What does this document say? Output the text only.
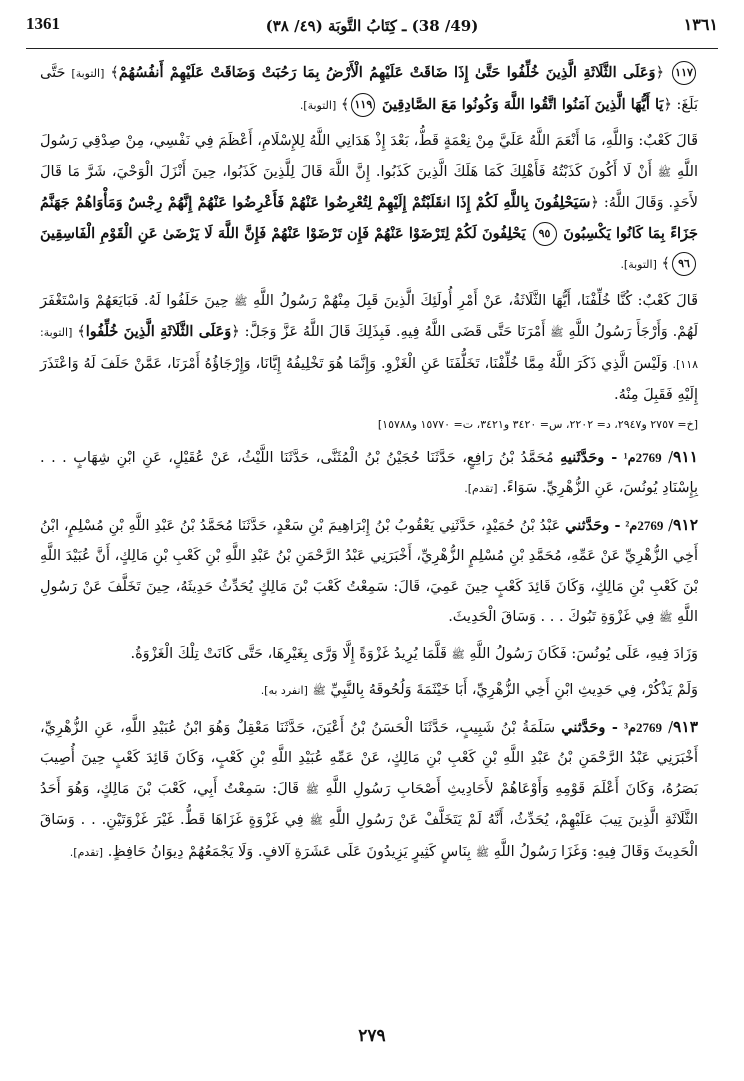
1361	(49/ 38) ـ كِتَابُ التَّوبَة (٤٩/ ٣٨)	١٣٦١

١١٧ ﴿وَعَلَى الثَّلَاثَةِ الَّذِينَ خُلِّفُوا حَتَّىٰ إِذَا ضَاقَتْ عَلَيْهِمُ الْأَرْضُ بِمَا رَحُبَتْ وَضَاقَتْ عَلَيْهِمْ أَنفُسُهُمْ﴾ [التوبة] حَتَّى بَلَغَ: ﴿يَا أَيُّهَا الَّذِينَ آمَنُوا اتَّقُوا اللَّهَ وَكُونُوا مَعَ الصَّادِقِينَ ١١٩﴾ [التوبة].

قَالَ كَعْبٌ: وَاللَّهِ، مَا أَنْعَمَ اللَّهُ عَلَيَّ مِنْ نِعْمَةٍ قَطُّ، بَعْدَ إِذْ هَدَانِي اللَّهُ لِلإِسْلَامِ، أَعْظَمَ فِي نَفْسِي، مِنْ صِدْقِي رَسُولَ اللَّهِ ﷺ أَنْ لَا أَكُونَ كَذَبْتُهُ فَأَهْلِكَ كَمَا هَلَكَ الَّذِينَ كَذَبُوا. إِنَّ اللَّهَ قَالَ لِلَّذِينَ كَذَبُوا، حِينَ أَنْزَلَ الْوَحْيَ، شَرَّ مَا قَالَ لأَحَدٍ. وَقَالَ اللَّهُ: ﴿سَيَحْلِفُونَ بِاللَّهِ لَكُمْ إِذَا انقَلَبْتُمْ إِلَيْهِمْ لِتُعْرِضُوا عَنْهُمْ فَأَعْرِضُوا عَنْهُمْ إِنَّهُمْ رِجْسٌ وَمَأْوَاهُمْ جَهَنَّمُ جَزَاءً بِمَا كَانُوا يَكْسِبُونَ ٩٥ يَحْلِفُونَ لَكُمْ لِتَرْضَوْا عَنْهُمْ فَإِن تَرْضَوْا عَنْهُمْ فَإِنَّ اللَّهَ لَا يَرْضَىٰ عَنِ الْقَوْمِ الْفَاسِقِينَ ٩٦﴾ [التوبة].

قَالَ كَعْبٌ: كُنَّا خُلِّفْنَا، أَيُّهَا الثَّلَاثَةُ، عَنْ أَمْرِ أُولَئِكَ الَّذِينَ قَبِلَ مِنْهُمْ رَسُولُ اللَّهِ ﷺ حِينَ حَلَفُوا لَهُ. فَبَايَعَهُمْ وَاسْتَغْفَرَ لَهُمْ. وَأَرْجَأَ رَسُولُ اللَّهِ ﷺ أَمْرَنَا حَتَّى قَضَى اللَّهُ فِيهِ. فَبِذَلِكَ قَالَ اللَّهُ عَزَّ وَجَلَّ: ﴿وَعَلَى الثَّلَاثَةِ الَّذِينَ خُلِّفُوا﴾ [التوبة: ١١٨]. وَلَيْسَ الَّذِي ذَكَرَ اللَّهُ مِمَّا خُلِّفْنَا، تَخَلُّفَنَا عَنِ الْغَزْوِ. وَإِنَّمَا هُوَ تَخْلِيفُهُ إِيَّانَا، وَإِرْجَاؤُهُ أَمْرَنَا، عَمَّنْ حَلَفَ لَهُ وَاعْتَذَرَ إِلَيْهِ فَقَبِلَ مِنْهُ.

[خ= ٢٧٥٧ و٢٩٤٧، د= ٢٢٠٢، س= ٣٤٢٠ و٣٤٢١، ت= ١٥٧٧٠ و١٥٧٨٨]

٩١١/ 2769م¹ - وحَدَّثَنيهِ مُحَمَّدُ بْنُ رَافِعٍ، حَدَّثَنَا حُجَيْنُ بْنُ الْمُثَنَّى، حَدَّثَنَا اللَّيْثُ، عَنْ عُقَيْلٍ، عَنِ ابْنِ شِهَابٍ . . . بِإِسْنَادِ يُونُسَ، عَنِ الزُّهْرِيِّ. سَوَاءً. [تقدم].

٩١٢/ 2769م² - وحَدَّثني عَبْدُ بْنُ حُمَيْدٍ، حَدَّثَنِي يَعْقُوبُ بْنُ إِبْرَاهِيمَ بْنِ سَعْدٍ، حَدَّثَنَا مُحَمَّدُ بْنُ عَبْدِ اللَّهِ بْنِ مُسْلِمٍ، ابْنُ أَخِي الزُّهْرِيِّ عَنْ عَمِّهِ، مُحَمَّدِ بْنِ مُسْلِمٍ الزُّهْرِيِّ، أَخْبَرَنِي عَبْدُ الرَّحْمَنِ بْنُ عَبْدِ اللَّهِ بْنِ كَعْبِ بْنِ مَالِكٍ، أَنَّ عُبَيْدَ اللَّهِ بْنَ كَعْبِ بْنِ مَالِكٍ، وَكَانَ قَائِدَ كَعْبٍ حِينَ عَمِيَ، قَالَ: سَمِعْتُ كَعْبَ بْنَ مَالِكٍ يُحَدِّثُ حَدِيثَهُ، حِينَ تَخَلَّفَ عَنْ رَسُولِ اللَّهِ ﷺ فِي غَزْوَةِ تَبُوكَ . . . وَسَاقَ الْحَدِيثَ.

وَزَادَ فِيهِ، عَلَى يُونُسَ: فَكَانَ رَسُولُ اللَّهِ ﷺ قَلَّمَا يُرِيدُ غَزْوَةً إِلَّا وَرَّى بِغَيْرِهَا، حَتَّى كَانَتْ تِلْكَ الْغَزْوَةُ.

وَلَمْ يَذْكُرْ، فِي حَدِيثِ ابْنِ أَخِي الزُّهْرِيِّ، أَبَا خَيْثَمَةَ وَلُحُوقَهُ بِالنَّبِيِّ ﷺ [انفرد به].

٩١٣/ 2769م³ - وحَدَّثني سَلَمَةُ بْنُ شَبِيبٍ، حَدَّثَنَا الْحَسَنُ بْنُ أَعْيَنَ، حَدَّثَنَا مَعْقِلٌ وَهُوَ ابْنُ عُبَيْدِ اللَّهِ، عَنِ الزُّهْرِيِّ، أَخْبَرَنِي عَبْدُ الرَّحْمَنِ بْنُ عَبْدِ اللَّهِ بْنِ كَعْبِ بْنِ مَالِكٍ، عَنْ عَمِّهِ عُبَيْدِ اللَّهِ بْنِ كَعْبٍ، وَكَانَ قَائِدَ كَعْبٍ حِينَ أُصِيبَ بَصَرُهُ، وَكَانَ أَعْلَمَ قَوْمِهِ وَأَوْعَاهُمْ لأَحَادِيثِ أَصْحَابِ رَسُولِ اللَّهِ ﷺ قَالَ: سَمِعْتُ أَبِي، كَعْبَ بْنَ مَالِكٍ، وَهُوَ أَحَدُ الثَّلَاثَةِ الَّذِينَ تِيبَ عَلَيْهِمْ، يُحَدِّثُ، أَنَّهُ لَمْ يَتَخَلَّفْ عَنْ رَسُولِ اللَّهِ ﷺ فِي غَزْوَةٍ غَزَاهَا قَطُّ. غَيْرَ غَزْوَتَيْنِ. . . وَسَاقَ الْحَدِيثَ وَقَالَ فِيهِ: وَغَزَا رَسُولُ اللَّهِ ﷺ بِنَاسٍ كَثِيرٍ يَزِيدُونَ عَلَى عَشَرَةِ آلافٍ. وَلَا يَجْمَعُهُمْ دِيوَانُ حَافِظٍ. [تقدم].

٢٧٩
